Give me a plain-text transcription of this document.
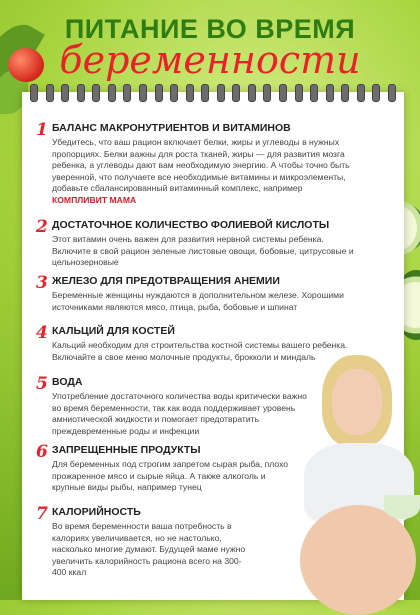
ПИТАНИЕ ВО ВРЕМЯ
беременности
1 БАЛАНС МАКРОНУТРИЕНТОВ И ВИТАМИНОВ
Убедитесь, что ваш рацион включает белки, жиры и углеводы в нужных пропорциях. Белки важны для роста тканей, жиры — для развития мозга ребенка, а углеводы дают вам необходимую энергию. А чтобы точно быть уверенной, что получаете все необходимые витамины и микроэлементы, добавьте сбалансированный витаминный комплекс, например КОМПЛИВИТ МАМА
2 ДОСТАТОЧНОЕ КОЛИЧЕСТВО ФОЛИЕВОЙ КИСЛОТЫ
Этот витамин очень важен для развития нервной системы ребенка. Включите в свой рацион зеленые листовые овощи, бобовые, цитрусовые и цельнозерновые
3 ЖЕЛЕЗО ДЛЯ ПРЕДОТВРАЩЕНИЯ АНЕМИИ
Беременные женщины нуждаются в дополнительном железе. Хорошими источниками являются мясо, птица, рыба, бобовые и шпинат
4 КАЛЬЦИЙ ДЛЯ КОСТЕЙ
Кальций необходим для строительства костной системы вашего ребенка. Включайте в свое меню молочные продукты, брокколи и миндаль
5 ВОДА
Употребление достаточного количества воды критически важно во время беременности, так как вода поддерживает уровень амниотической жидкости и помогает предотвратить преждевременные роды и инфекции
6 ЗАПРЕЩЕННЫЕ ПРОДУКТЫ
Для беременных под строгим запретом сырая рыба, плохо прожаренное мясо и сырые яйца. А также алкоголь и крупные виды рыбы, например тунец
7 КАЛОРИЙНОСТЬ
Во время беременности ваша потребность в калориях увеличивается, но не настолько, насколько многие думают. Будущей маме нужно увеличить калорийность рациона всего на 300-400 ккал
